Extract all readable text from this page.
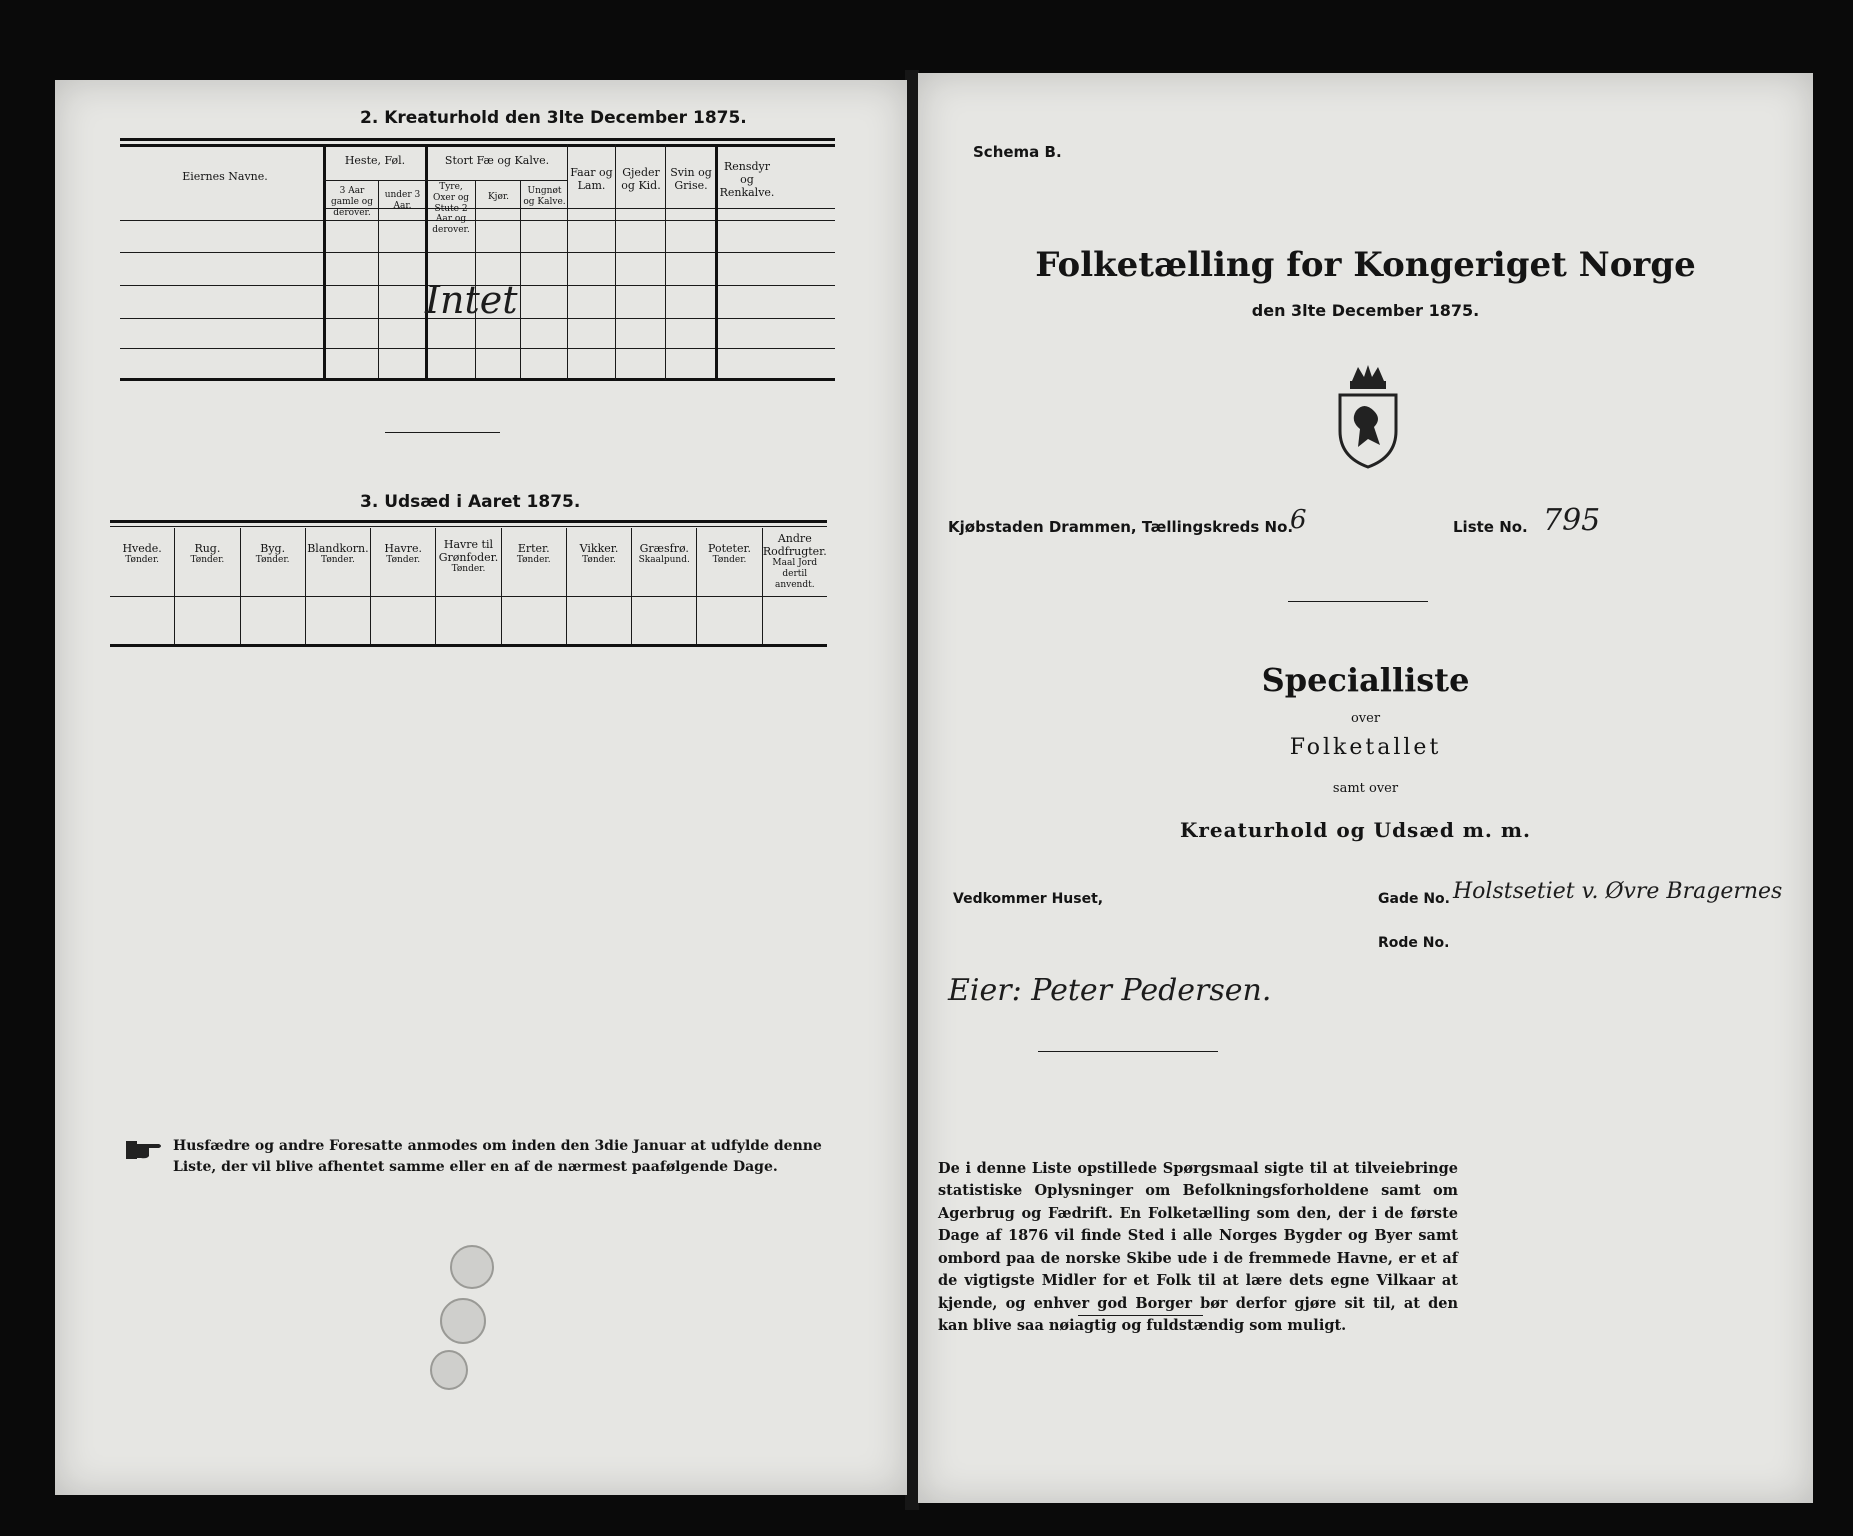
2. Kreaturhold den 3lte December 1875.
Eiernes Navne.
Heste, Føl.
3 Aar gamle og derover.
under 3 Aar.
Stort Fæ og Kalve.
Tyre, Oxer og Stute 2 Aar og derover.
Kjør.
Ungnøt og Kalve.
Faar og Lam.
Gjeder og Kid.
Svin og Grise.
Rensdyr og Renkalve.
Intet
3. Udsæd i Aaret 1875.
Hvede.
Tønder.
Rug.
Tønder.
Byg.
Tønder.
Blandkorn.
Tønder.
Havre.
Tønder.
Havre til Grønfoder.
Tønder.
Erter.
Tønder.
Vikker.
Tønder.
Græsfrø.
Skaalpund.
Poteter.
Tønder.
Andre Rodfrugter.
Maal Jord dertil anvendt.
Husfædre og andre Foresatte anmodes om inden den 3die Januar at udfylde denne Liste, der vil blive afhentet samme eller en af de nærmest paafølgende Dage.
Schema B.
Folketælling for Kongeriget Norge
den 3lte December 1875.
Kjøbstaden Drammen, Tællingskreds No.
6	Liste No. 795
Specialliste
over
Folketallet
samt over
Kreaturhold og Udsæd m. m.
Vedkommer Huset,	Gade No. Holstsetiet v. Øvre Bragernes
Rode No.
Eier: Peter Pedersen.
De i denne Liste opstillede Spørgsmaal sigte til at tilveiebringe statistiske Oplysninger om Befolkningsforholdene samt om Agerbrug og Fædrift. En Folketælling som den, der i de første Dage af 1876 vil finde Sted i alle Norges Bygder og Byer samt ombord paa de norske Skibe ude i de fremmede Havne, er et af de vigtigste Midler for et Folk til at lære dets egne Vilkaar at kjende, og enhver god Borger bør derfor gjøre sit til, at den kan blive saa nøiagtig og fuldstændig som muligt.
